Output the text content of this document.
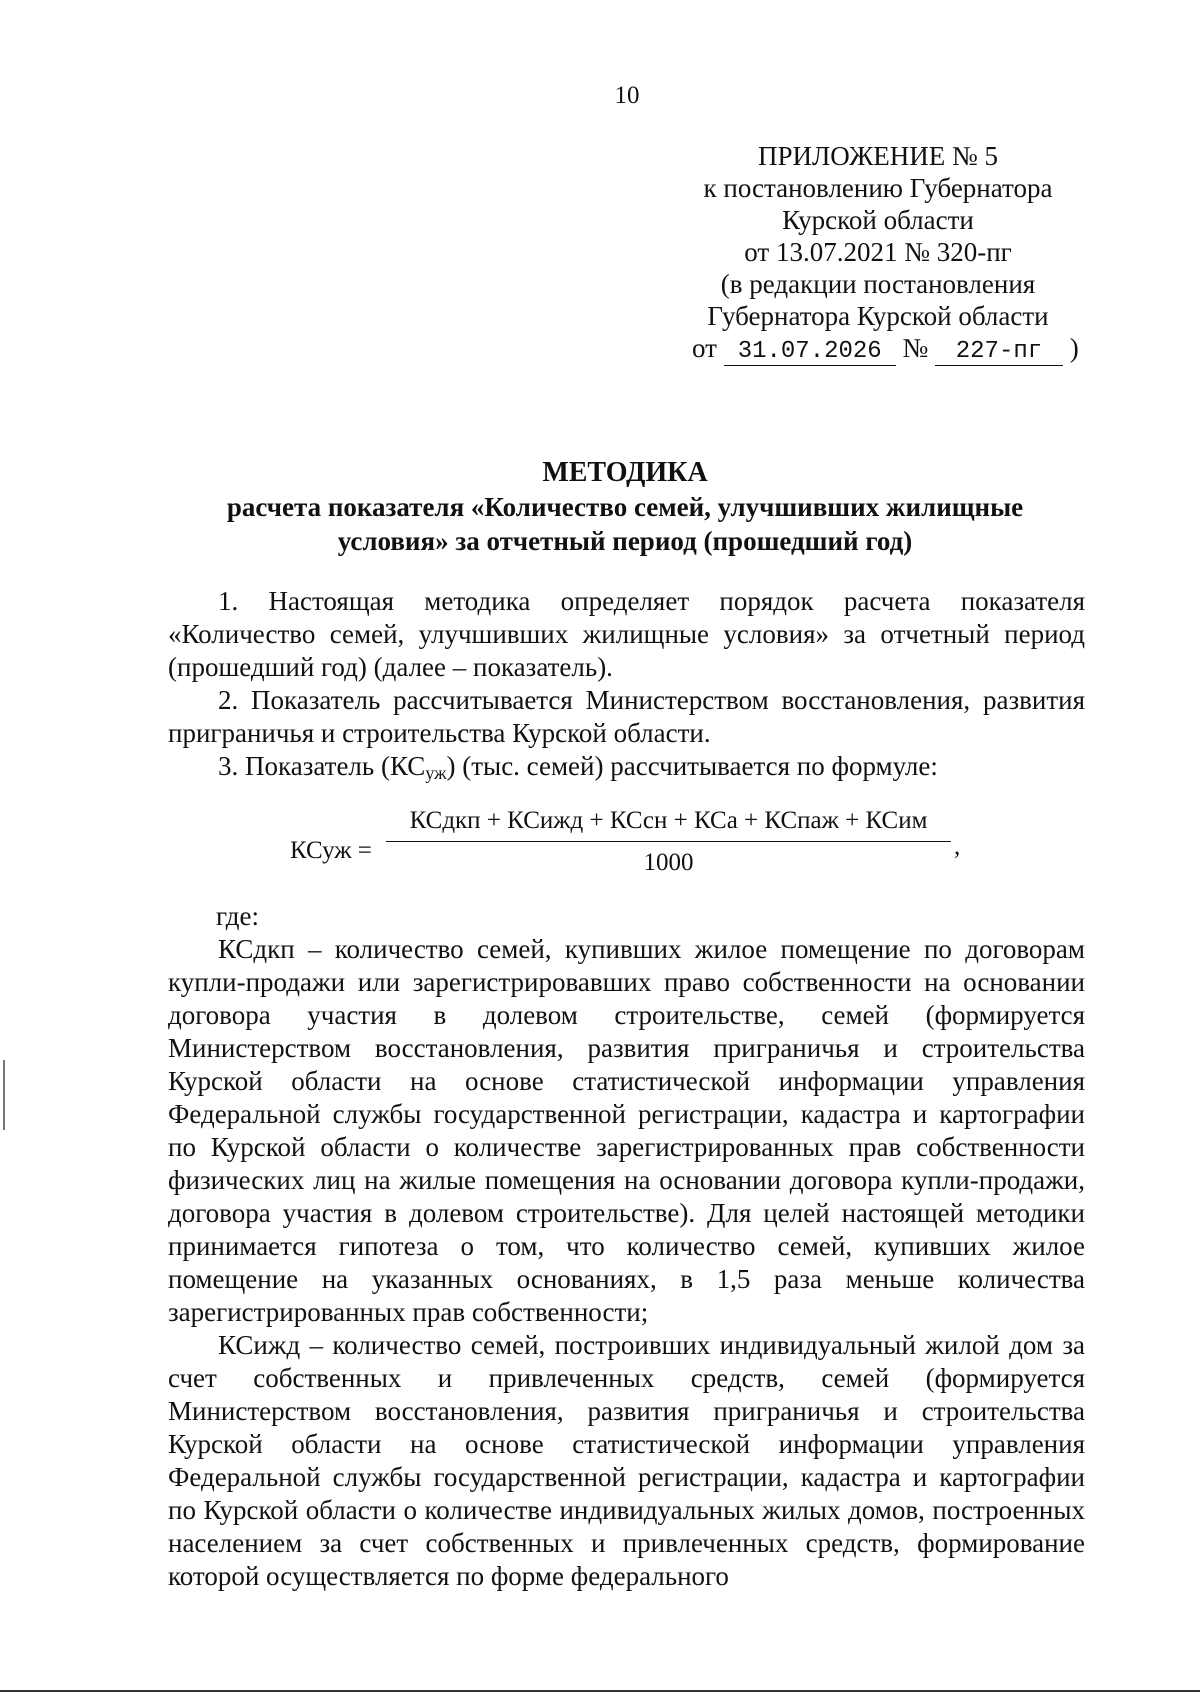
10
ПРИЛОЖЕНИЕ № 5
к постановлению Губернатора
Курской области
от 13.07.2021 № 320-пг
(в редакции постановления
Губернатора Курской области
от 31.07.2026 № 227-пг )
МЕТОДИКА
расчета показателя «Количество семей, улучшивших жилищные
условия» за отчетный период (прошедший год)

1. Настоящая методика определяет порядок расчета показателя «Количество семей, улучшивших жилищные условия» за отчетный период (прошедший год) (далее – показатель).

2. Показатель рассчитывается Министерством восстановления, развития приграничья и строительства Курской области.

3. Показатель (КСуж) (тыс. семей) рассчитывается по формуле:

КСуж =
КСдкп + КСижд + КСсн + КСа + КСпаж + КСим
1000
,

где:

КСдкп – количество семей, купивших жилое помещение по договорам купли-продажи или зарегистрировавших право собственности на основании договора участия в долевом строительстве, семей (формируется Министерством восстановления, развития приграничья и строительства Курской области на основе статистической информации управления Федеральной службы государственной регистрации, кадастра и картографии по Курской области о количестве зарегистрированных прав собственности физических лиц на жилые помещения на основании договора купли-продажи, договора участия в долевом строительстве). Для целей настоящей методики принимается гипотеза о том, что количество семей, купивших жилое помещение на указанных основаниях, в 1,5 раза меньше количества зарегистрированных прав собственности;

КСижд – количество семей, построивших индивидуальный жилой дом за счет собственных и привлеченных средств, семей (формируется Министерством восстановления, развития приграничья и строительства Курской области на основе статистической информации управления Федеральной службы государственной регистрации, кадастра и картографии по Курской области о количестве индивидуальных жилых домов, построенных населением за счет собственных и привлеченных средств, формирование которой осуществляется по форме федерального
